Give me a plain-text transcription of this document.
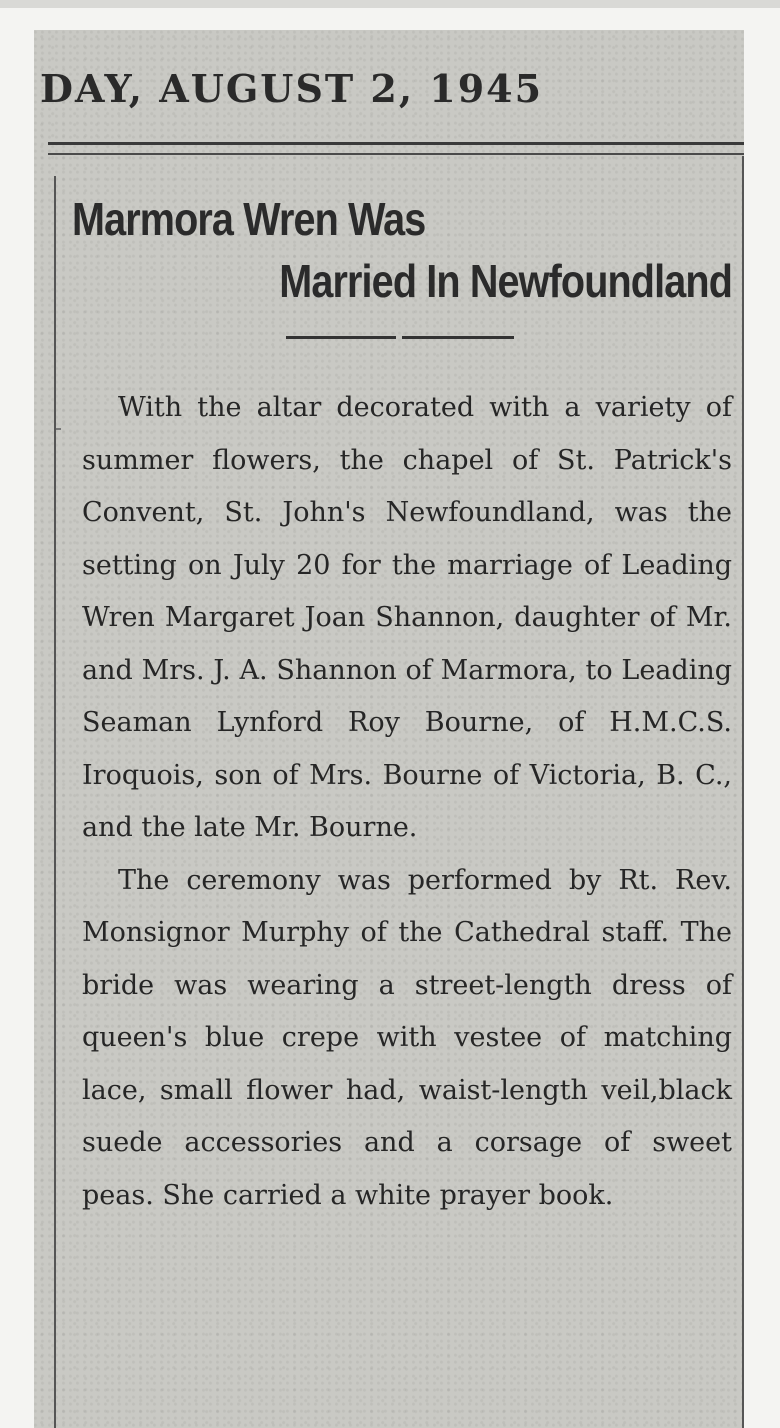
DAY, AUGUST 2, 1945
Marmora Wren Was
Married In Newfoundland

With the altar decorated with a variety of summer flowers, the chapel of St. Patrick's Convent, St. John's Newfoundland, was the setting on July 20 for the marriage of Leading Wren Margaret Joan Shannon, daughter of Mr. and Mrs. J. A. Shannon of Marmora, to Leading Seaman Lynford Roy Bourne, of H.M.C.S. Iroquois, son of Mrs. Bourne of Victoria, B. C., and the late Mr. Bourne.

The ceremony was performed by Rt. Rev. Monsignor Murphy of the Cathedral staff. The bride was wearing a street-length dress of queen's blue crepe with vestee of matching lace, small flower had, waist-length veil,black suede accessories and a corsage of sweet peas. She carried a white prayer book.
